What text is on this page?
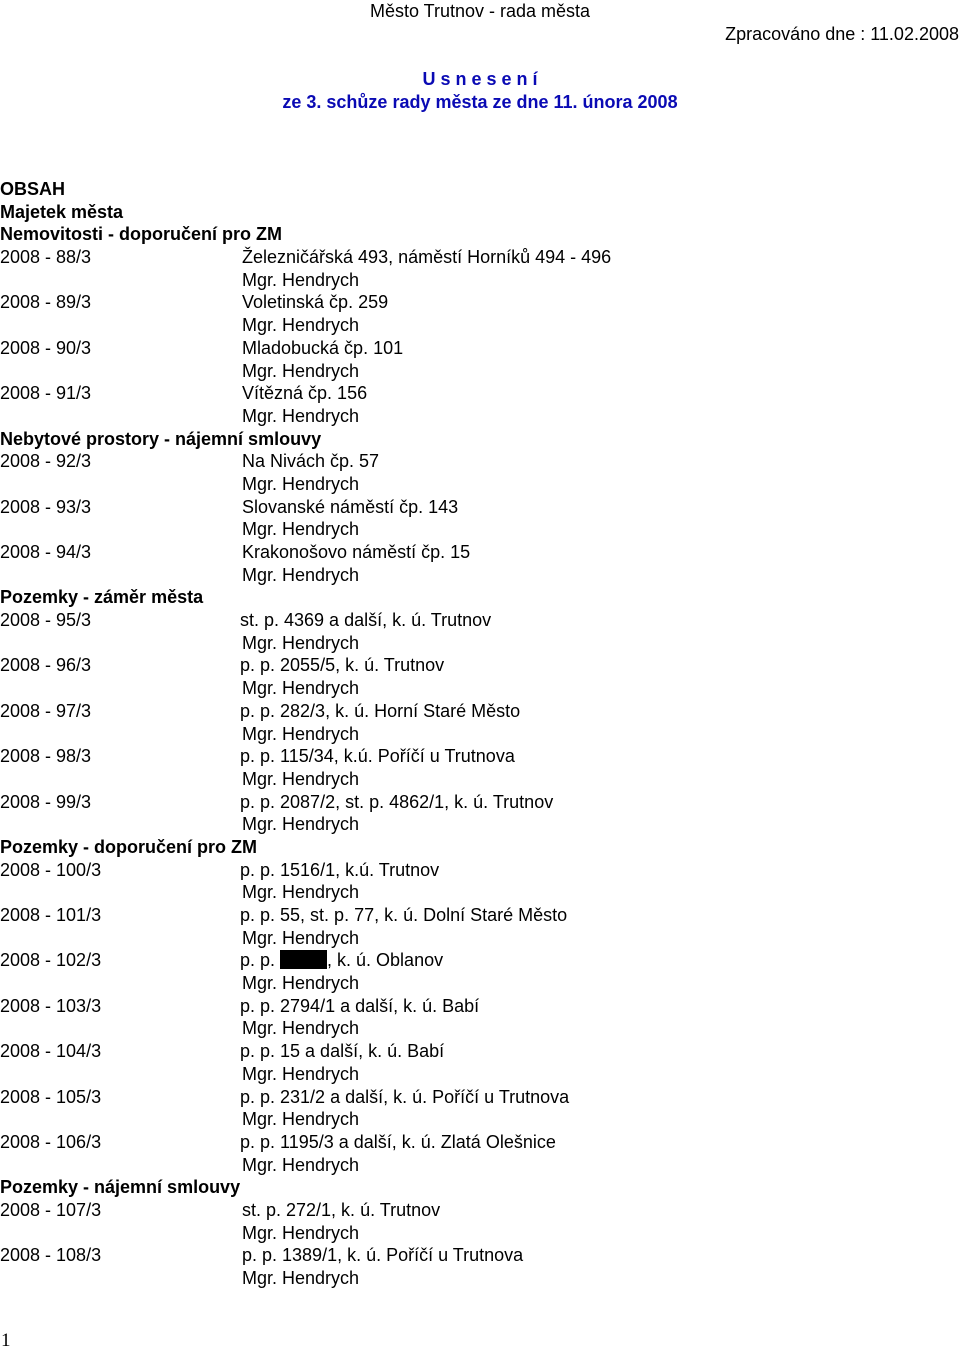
Město Trutnov - rada města
Zpracováno dne : 11.02.2008
U s n e s e n í
ze 3. schůze rady města ze dne 11. února 2008
OBSAH
Majetek města
Nemovitosti - doporučení pro ZM
2008 - 88/3	Železničářská 493, náměstí Horníků 494 - 496
Mgr. Hendrych
2008 - 89/3	Voletinská čp. 259
Mgr. Hendrych
2008 - 90/3	Mladobucká čp. 101
Mgr. Hendrych
2008 - 91/3	Vítězná čp. 156
Mgr. Hendrych
Nebytové prostory - nájemní smlouvy
2008 - 92/3	Na Nivách čp. 57
Mgr. Hendrych
2008 - 93/3	Slovanské náměstí čp. 143
Mgr. Hendrych
2008 - 94/3	Krakonošovo náměstí čp. 15
Mgr. Hendrych
Pozemky - záměr města
2008 - 95/3	st. p. 4369 a další, k. ú. Trutnov
Mgr. Hendrych
2008 - 96/3	p. p. 2055/5, k. ú. Trutnov
Mgr. Hendrych
2008 - 97/3	p. p. 282/3, k. ú. Horní Staré Město
Mgr. Hendrych
2008 - 98/3	p. p. 115/34, k.ú. Poříčí u Trutnova
Mgr. Hendrych
2008 - 99/3	p. p. 2087/2, st. p. 4862/1, k. ú. Trutnov
Mgr. Hendrych
Pozemky - doporučení pro ZM
2008 - 100/3	p. p. 1516/1, k.ú. Trutnov
Mgr. Hendrych
2008 - 101/3	p. p. 55, st. p. 77, k. ú. Dolní Staré Město
Mgr. Hendrych
2008 - 102/3	p. p.	, k. ú. Oblanov
Mgr. Hendrych
2008 - 103/3	p. p. 2794/1 a další, k. ú. Babí
Mgr. Hendrych
2008 - 104/3	p. p. 15 a další, k. ú. Babí
Mgr. Hendrych
2008 - 105/3	p. p. 231/2 a další, k. ú. Poříčí u Trutnova
Mgr. Hendrych
2008 - 106/3	p. p. 1195/3 a další, k. ú. Zlatá Olešnice
Mgr. Hendrych
Pozemky - nájemní smlouvy
2008 - 107/3	st. p. 272/1, k. ú. Trutnov
Mgr. Hendrych
2008 - 108/3	p. p. 1389/1, k. ú. Poříčí u Trutnova
Mgr. Hendrych
1
